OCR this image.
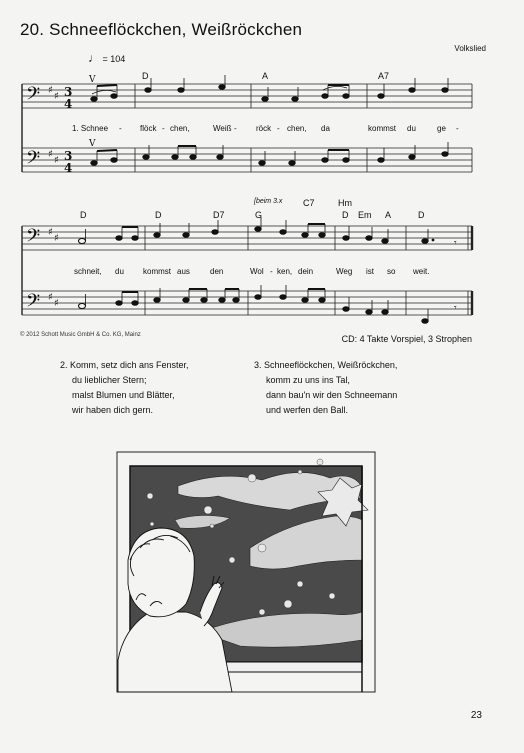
20. Schneeflöckchen, Weißröckchen
Volkslied
♩ = 104
𝄢
𝄢
𝄢
𝄢
♯
♯
♯
♯
♯
♯
♯
♯
3
4
3
4
V
V
𝄾
𝄾
D	A	A7
[beim 3.x
D	D	D7	G
C7	Hm
D Em A	D
1. Schnee - flöck - chen,	Weiß - röck - chen, da	kommst du	ge -
schneit, du kommst aus	den	Wol - ken, dein	Weg ist so weit.
© 2012 Schott Music GmbH & Co. KG, Mainz	CD: 4 Takte Vorspiel, 3 Strophen
2. Komm, setz dich ans Fenster,
du lieblicher Stern;
malst Blumen und Blätter,
wir haben dich gern.
3. Schneeflöckchen, Weißröckchen,
komm zu uns ins Tal,
dann bau'n wir den Schneemann
und werfen den Ball.
23
